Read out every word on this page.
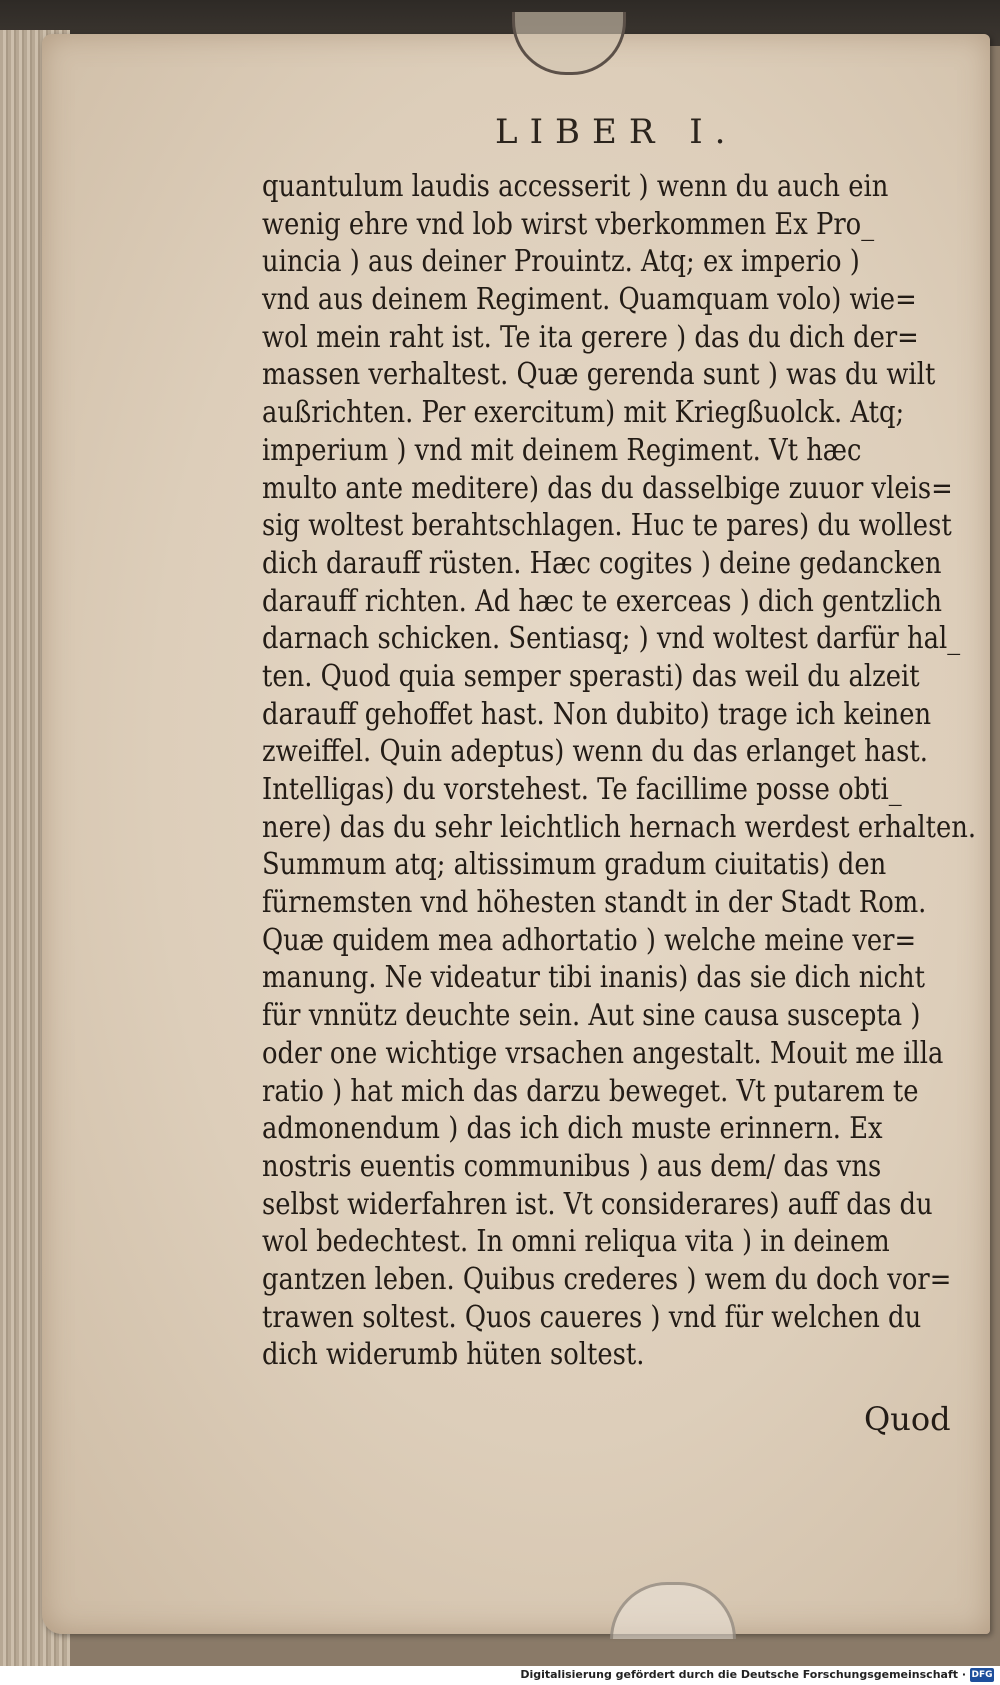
LIBER I.
quantulum laudis accesserit ) wenn du auch ein
wenig ehre vnd lob wirst vberkommen Ex Pro_
uincia ) aus deiner Prouintz. Atq; ex imperio )
vnd aus deinem Regiment. Quamquam volo) wie=
wol mein raht ist. Te ita gerere ) das du dich der=
massen verhaltest. Quæ gerenda sunt ) was du wilt
außrichten. Per exercitum) mit Kriegßuolck. Atq;
imperium ) vnd mit deinem Regiment. Vt hæc
multo ante meditere) das du dasselbige zuuor vleis=
sig woltest berahtschlagen. Huc te pares) du wollest
dich darauff rüsten. Hæc cogites ) deine gedancken
darauff richten. Ad hæc te exerceas ) dich gentzlich
darnach schicken. Sentiasq; ) vnd woltest darfür hal_
ten. Quod quia semper sperasti) das weil du alzeit
darauff gehoffet hast. Non dubito) trage ich keinen
zweiffel. Quin adeptus) wenn du das erlanget hast.
Intelligas) du vorstehest. Te facillime posse obti_
nere) das du sehr leichtlich hernach werdest erhalten.
Summum atq; altissimum gradum ciuitatis) den
fürnemsten vnd höhesten standt in der Stadt Rom.
Quæ quidem mea adhortatio ) welche meine ver=
manung. Ne videatur tibi inanis) das sie dich nicht
für vnnütz deuchte sein. Aut sine causa suscepta )
oder one wichtige vrsachen angestalt. Mouit me illa
ratio ) hat mich das darzu beweget. Vt putarem te
admonendum ) das ich dich muste erinnern. Ex
nostris euentis communibus ) aus dem/ das vns
selbst widerfahren ist. Vt considerares) auff das du
wol bedechtest. In omni reliqua vita ) in deinem
gantzen leben. Quibus crederes ) wem du doch vor=
trawen soltest. Quos caueres ) vnd für welchen du
dich widerumb hüten soltest.
Quod
Digitalisierung gefördert durch die Deutsche Forschungsgemeinschaft · DFG
